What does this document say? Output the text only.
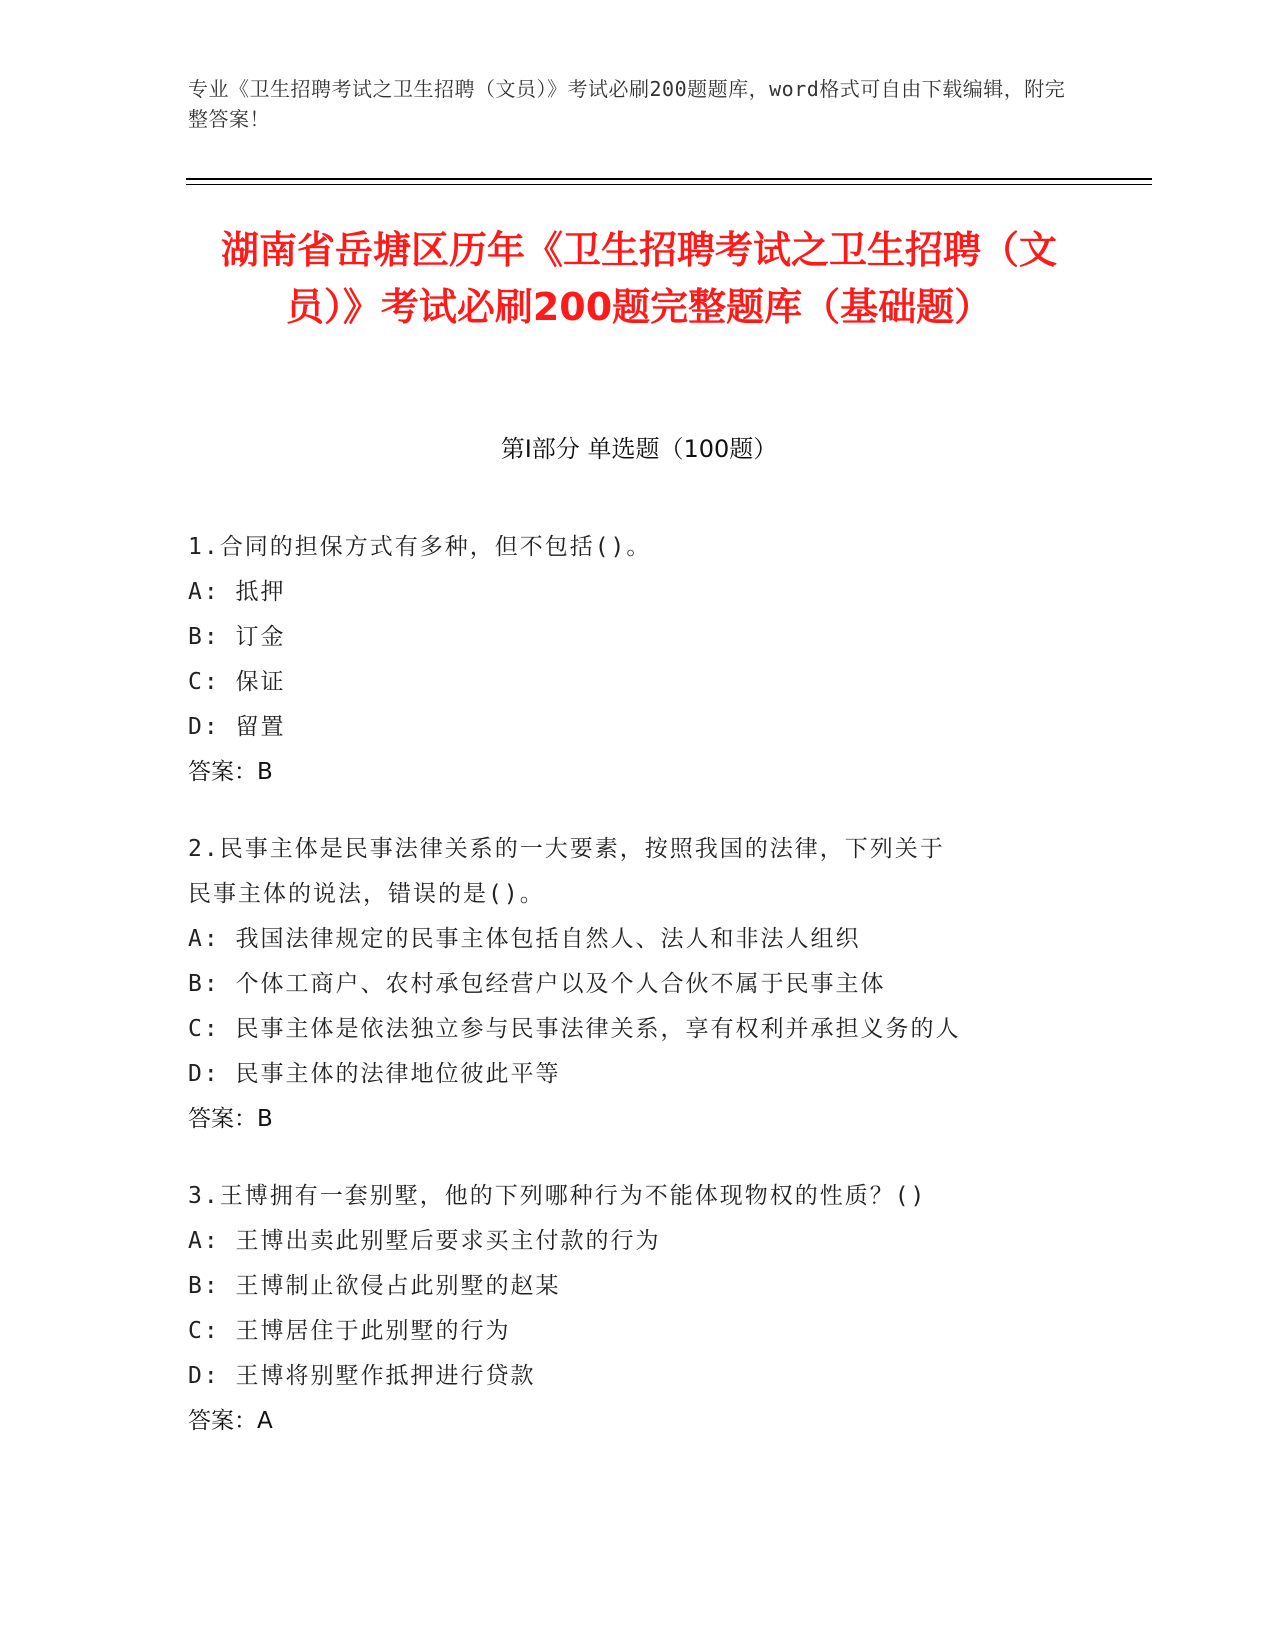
专业《卫生招聘考试之卫生招聘（文员）》考试必刷200题题库，word格式可自由下载编辑，附完整答案！
湖南省岳塘区历年《卫生招聘考试之卫生招聘（文员）》考试必刷200题完整题库（基础题）
第I部分 单选题（100题）
1.合同的担保方式有多种，但不包括()。
A: 抵押
B: 订金
C: 保证
D: 留置
答案：B
2.民事主体是民事法律关系的一大要素，按照我国的法律，下列关于
民事主体的说法，错误的是()。
A: 我国法律规定的民事主体包括自然人、法人和非法人组织
B: 个体工商户、农村承包经营户以及个人合伙不属于民事主体
C: 民事主体是依法独立参与民事法律关系，享有权利并承担义务的人
D: 民事主体的法律地位彼此平等
答案：B
3.王博拥有一套别墅，他的下列哪种行为不能体现物权的性质？()
A: 王博出卖此别墅后要求买主付款的行为
B: 王博制止欲侵占此别墅的赵某
C: 王博居住于此别墅的行为
D: 王博将别墅作抵押进行贷款
答案：A
